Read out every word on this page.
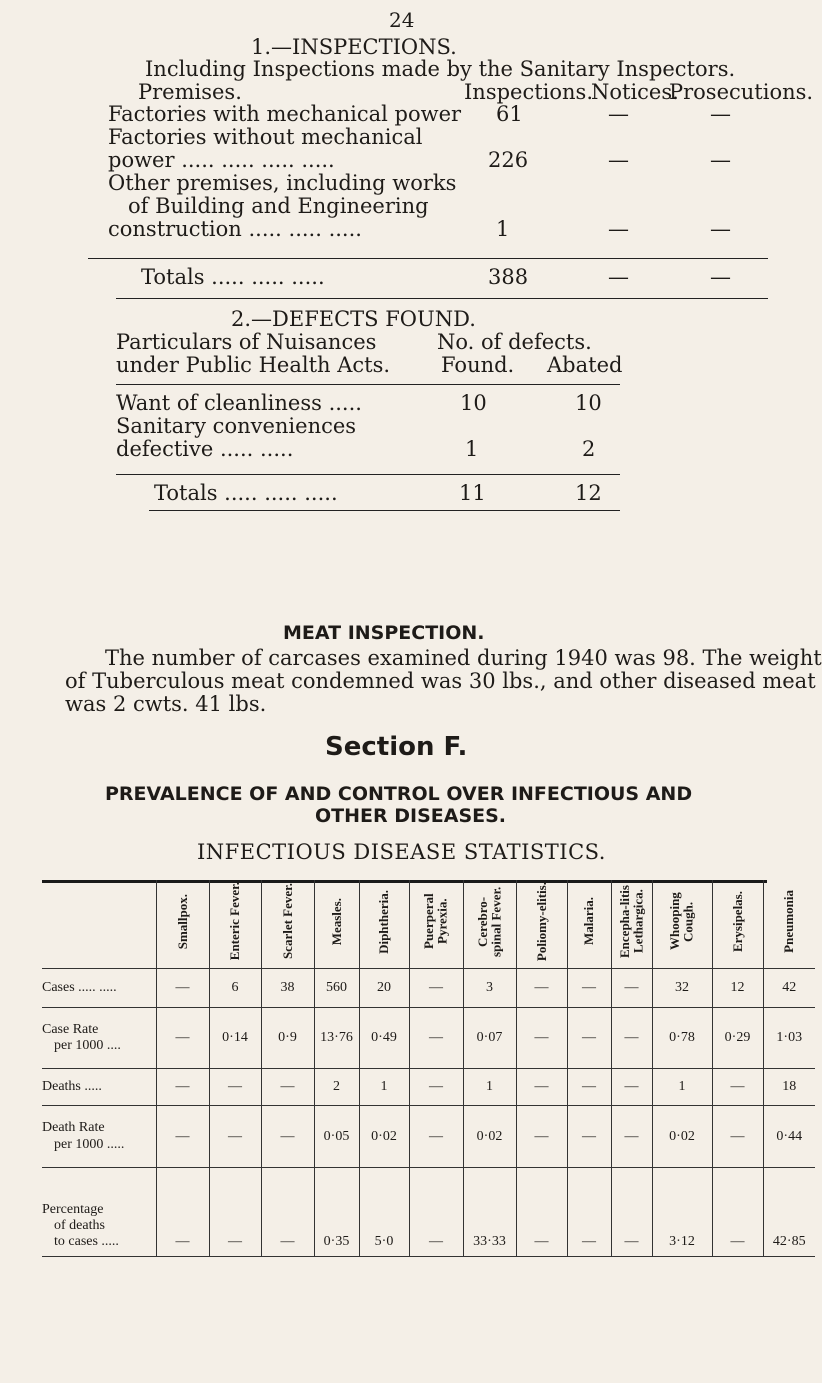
24
1.—INSPECTIONS.
Including Inspections made by the Sanitary Inspectors.
Premises.	Inspections.
Notices.
Prosecutions.
Factories with mechanical power 61	—	—
Factories without mechanical
power ..... ..... ..... .....	226	—	—
Other premises, including works
of Building and Engineering
construction ..... ..... .....	1	—	—
Totals ..... ..... .....	388	—	—
2.—DEFECTS FOUND.
Particulars of Nuisances
under Public Health Acts.
No. of defects.
Found. Abated
Want of cleanliness .....	10	10
Sanitary conveniences
defective ..... .....	1	2
Totals ..... ..... .....	11	12
MEAT INSPECTION.
The number of carcases examined during 1940 was 98. The weight
of Tuberculous meat condemned was 30 lbs., and other diseased meat
was 2 cwts. 41 lbs.
Section F.
PREVALENCE OF AND CONTROL OVER INFECTIOUS AND
OTHER DISEASES.
INFECTIOUS DISEASE STATISTICS.
	Smallpox.	Enteric Fever.	Scarlet Fever.	Measles.	Diphtheria.	Puerperal Pyrexia.	Cerebro-spinal Fever.	Poliomy-elitis.	Malaria.	Encepha-litis Lethargica.	Whooping Cough.	Erysipelas.	Pneumonia
Cases ..... .....	—	6	38	560	20	—	3	—	—	—	32	12	42
Case Rate
per 1000 ....	—	0·14	0·9	13·76	0·49	—	0·07	—	—	—	0·78	0·29	1·03
Deaths .....	—	—	—	2	1	—	1	—	—	—	1	—	18
Death Rate
per 1000 .....	—	—	—	0·05	0·02	—	0·02	—	—	—	0·02	—	0·44
Percentage
of deaths
to cases .....	—	—	—	0·35	5·0	—	33·33	—	—	—	3·12	—	42·85
